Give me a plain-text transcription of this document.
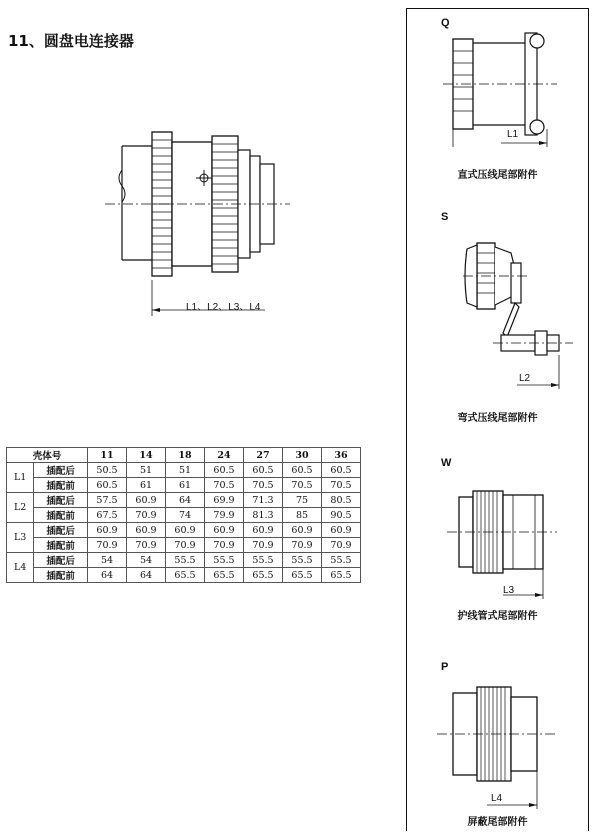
11、圆盘电连接器
L1、L2、L3、L4
壳体号		11	14	18	24	27	30	36
L1	插配后	50.5	51	51	60.5	60.5	60.5	60.5
	插配前	60.5	61	61	70.5	70.5	70.5	70.5
L2	插配后	57.5	60.9	64	69.9	71.3	75	80.5
	插配前	67.5	70.9	74	79.9	81.3	85	90.5
L3	插配后	60.9	60.9	60.9	60.9	60.9	60.9	60.9
	插配前	70.9	70.9	70.9	70.9	70.9	70.9	70.9
L4	插配后	54	54	55.5	55.5	55.5	55.5	55.5
	插配前	64	64	65.5	65.5	65.5	65.5	65.5
Q
L1
直式压线尾部附件
S
L2
弯式压线尾部附件
W
L3
护线管式尾部附件
P
L4
屏蔽尾部附件
